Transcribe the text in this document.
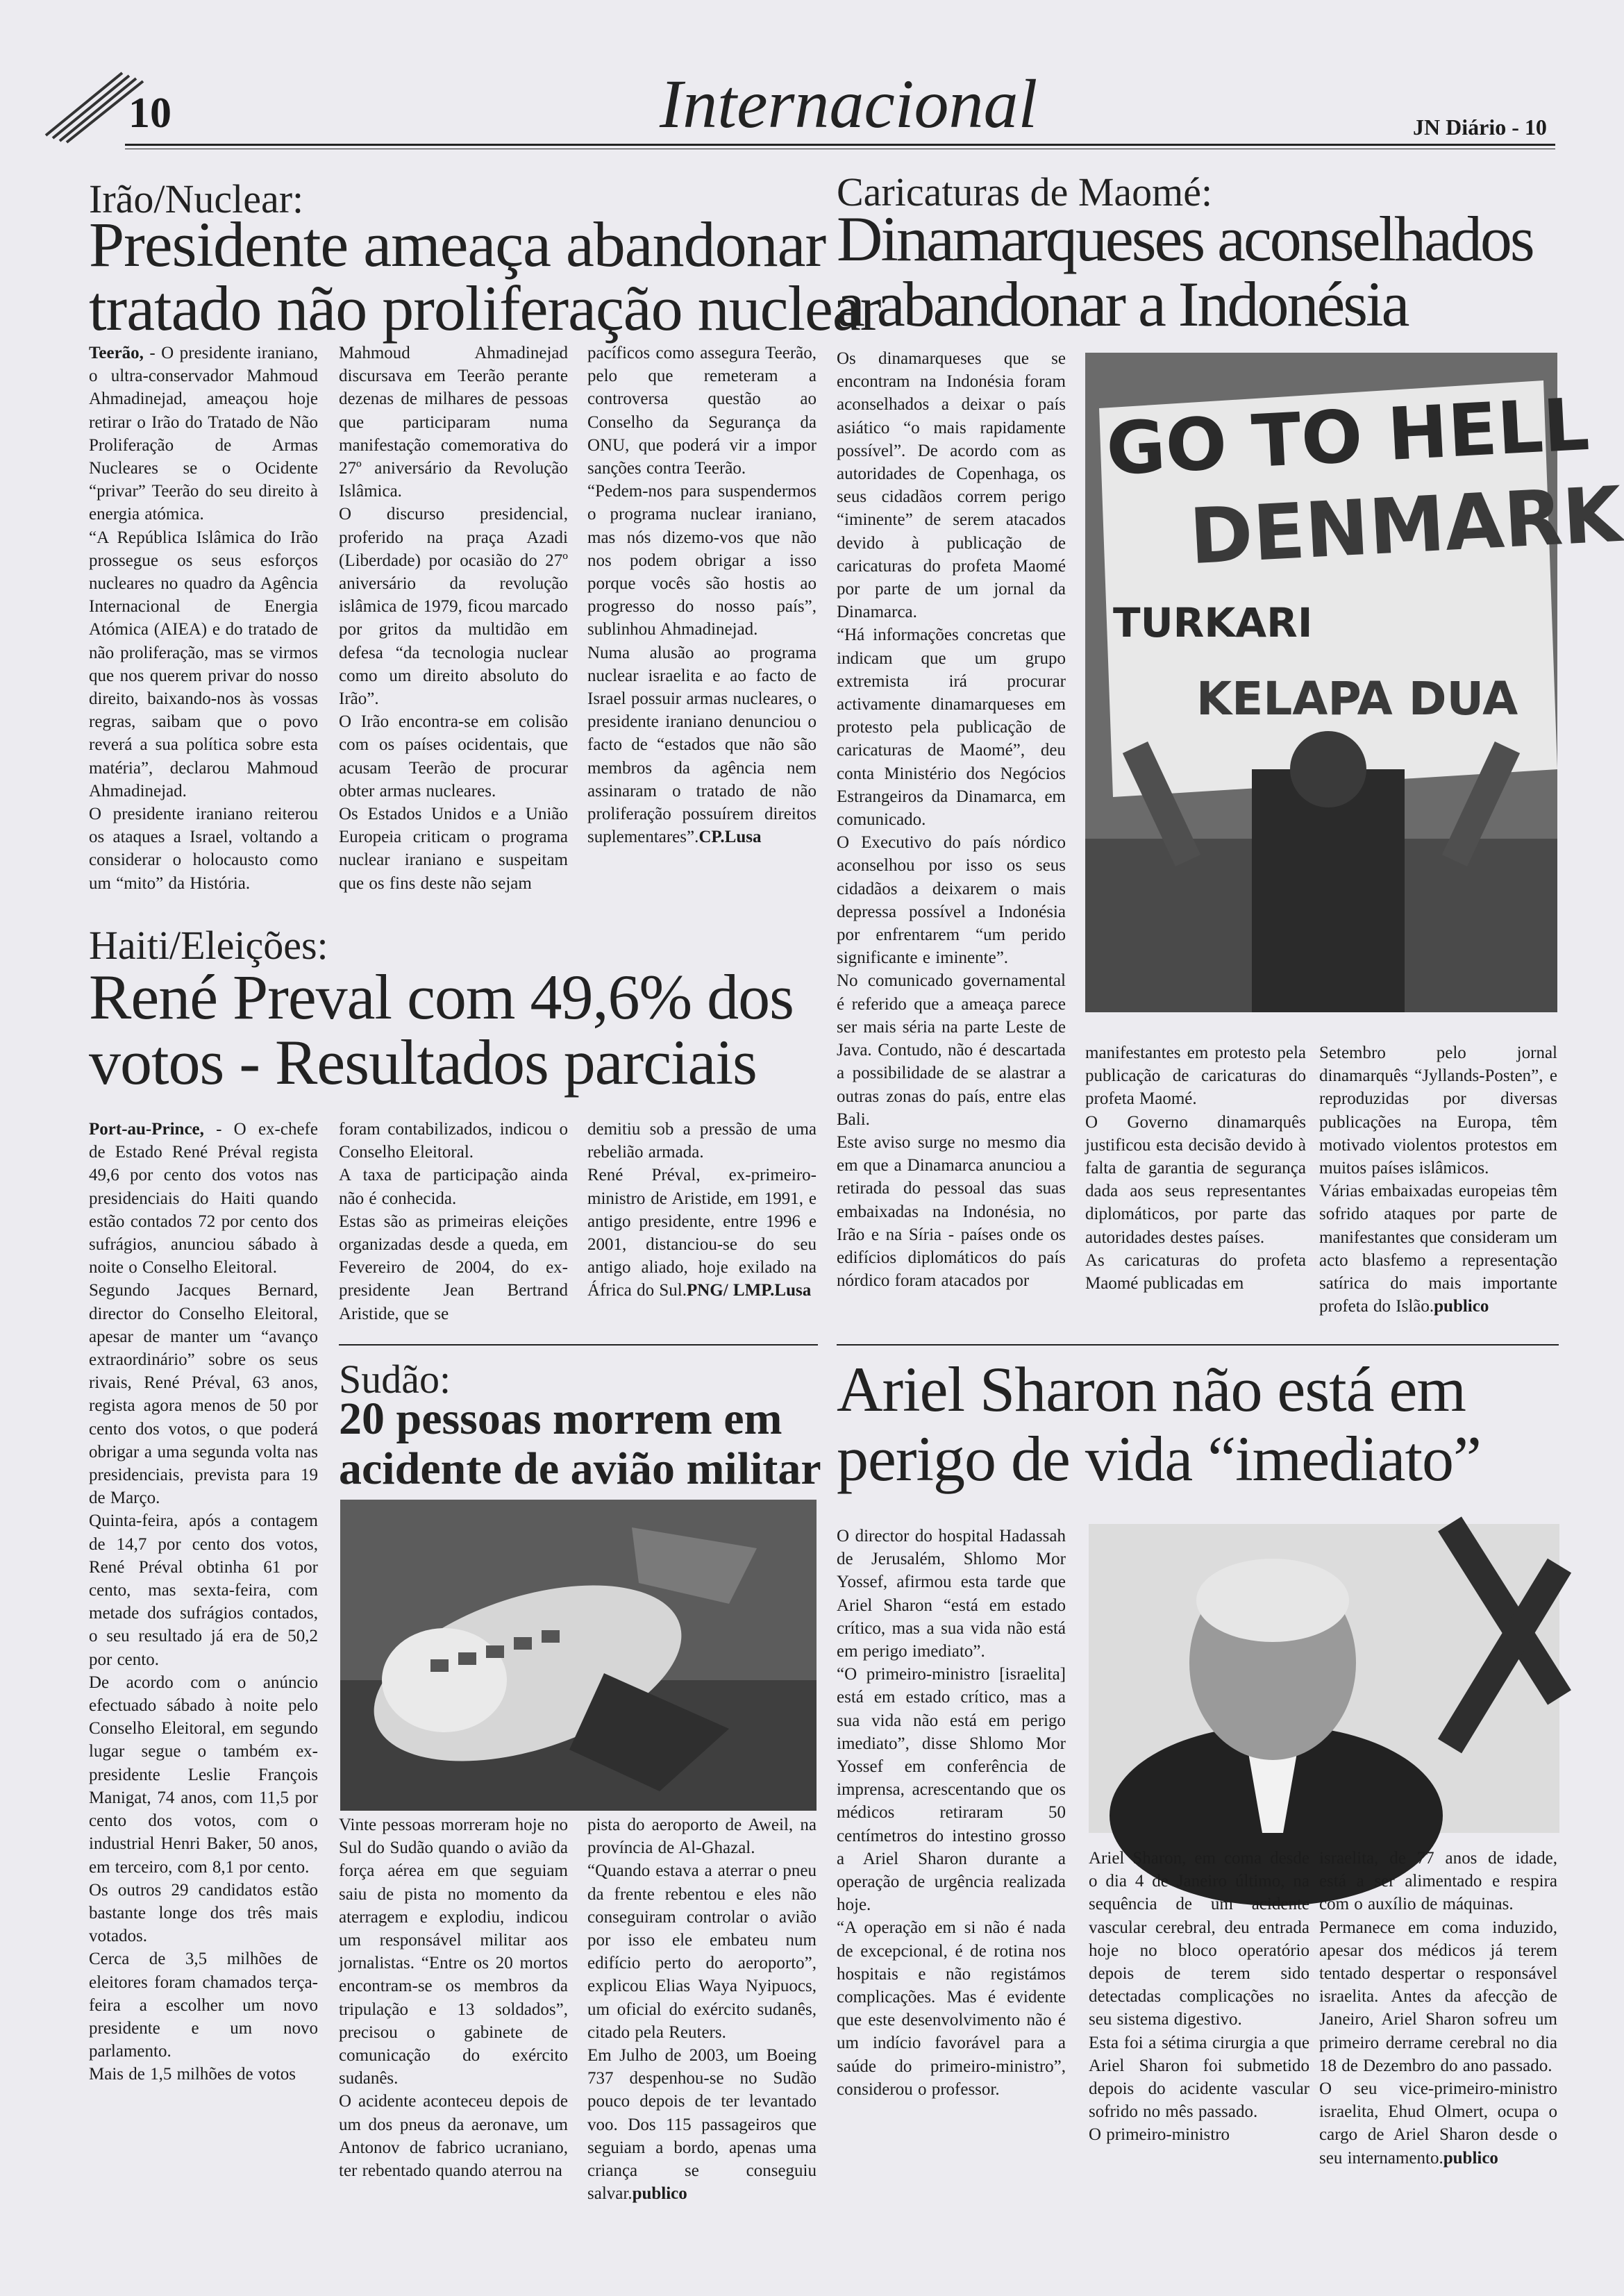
10	Internacional	JN Diário - 10
Irão/Nuclear:
Presidente ameaça abandonar
tratado não proliferação nuclear

Teerão, - O presidente iraniano, o ultra-conservador Mahmoud Ahmadinejad, ameaçou hoje retirar o Irão do Tratado de Não Proliferação de Armas Nucleares se o Ocidente “privar” Teerão do seu direito à energia atómica.

“A República Islâmica do Irão prossegue os seus esforços nucleares no quadro da Agência Internacional de Energia Atómica (AIEA) e do tratado de não proliferação, mas se virmos que nos querem privar do nosso direito, baixando-nos às vossas regras, saibam que o povo reverá a sua política sobre esta matéria”, declarou Mahmoud Ahmadinejad.

O presidente iraniano reiterou os ataques a Israel, voltando a considerar o holocausto como um “mito” da História.

Mahmoud Ahmadinejad discursava em Teerão perante dezenas de milhares de pessoas que participaram numa manifestação comemorativa do 27º aniversário da Revolução Islâmica.

O discurso presidencial, proferido na praça Azadi (Liberdade) por ocasião do 27º aniversário da revolução islâmica de 1979, ficou marcado por gritos da multidão em defesa “da tecnologia nuclear como um direito absoluto do Irão”.

O Irão encontra-se em colisão com os países ocidentais, que acusam Teerão de procurar obter armas nucleares.

Os Estados Unidos e a União Europeia criticam o programa nuclear iraniano e suspeitam que os fins deste não sejam

pacíficos como assegura Teerão, pelo que remeteram a controversa questão ao Conselho da Segurança da ONU, que poderá vir a impor sanções contra Teerão.

“Pedem-nos para suspendermos o programa nuclear iraniano, mas nós dizemo-vos que não nos podem obrigar a isso porque vocês são hostis ao progresso do nosso país”, sublinhou Ahmadinejad.

Numa alusão ao programa nuclear israelita e ao facto de Israel possuir armas nucleares, o presidente iraniano denunciou o facto de “estados que não são membros da agência nem assinaram o tratado de não proliferação possuírem direitos suplementares”.CP.Lusa

Caricaturas de Maomé:
Dinamarqueses aconselhados
a abandonar a Indonésia
GO TO HELL
DENMARK
TURKARI
KELAPA DUA

Os dinamarqueses que se encontram na Indonésia foram aconselhados a deixar o país asiático “o mais rapidamente possível”. De acordo com as autoridades de Copenhaga, os seus cidadãos correm perigo “iminente” de serem atacados devido à publicação de caricaturas do profeta Maomé por parte de um jornal da Dinamarca.

“Há informações concretas que indicam que um grupo extremista irá procurar activamente dinamarqueses em protesto pela publicação de caricaturas de Maomé”, deu conta Ministério dos Negócios Estrangeiros da Dinamarca, em comunicado.

O Executivo do país nórdico aconselhou por isso os seus cidadãos a deixarem o mais depressa possível a Indonésia por enfrentarem “um perido significante e iminente”.

No comunicado governamental é referido que a ameaça parece ser mais séria na parte Leste de Java. Contudo, não é descartada a possibilidade de se alastrar a outras zonas do país, entre elas Bali.

Este aviso surge no mesmo dia em que a Dinamarca anunciou a retirada do pessoal das suas embaixadas na Indonésia, no Irão e na Síria - países onde os edifícios diplomáticos do país nórdico foram atacados por

manifestantes em protesto pela publicação de caricaturas do profeta Maomé.

O Governo dinamarquês justificou esta decisão devido à falta de garantia de segurança dada aos seus representantes diplomáticos, por parte das autoridades destes países.

As caricaturas do profeta Maomé publicadas em

Setembro pelo jornal dinamarquês “Jyllands-Posten”, e reproduzidas por diversas publicações na Europa, têm motivado violentos protestos em muitos países islâmicos.

Várias embaixadas europeias têm sofrido ataques por parte de manifestantes que consideram um acto blasfemo a representação satírica do mais importante profeta do Islão.publico

Haiti/Eleições:
René Preval com 49,6% dos
votos - Resultados parciais

Port-au-Prince, - O ex-chefe de Estado René Préval regista 49,6 por cento dos votos nas presidenciais do Haiti quando estão contados 72 por cento dos sufrágios, anunciou sábado à noite o Conselho Eleitoral.

Segundo Jacques Bernard, director do Conselho Eleitoral, apesar de manter um “avanço extraordinário” sobre os seus rivais, René Préval, 63 anos, regista agora menos de 50 por cento dos votos, o que poderá obrigar a uma segunda volta nas presidenciais, prevista para 19 de Março.

Quinta-feira, após a contagem de 14,7 por cento dos votos, René Préval obtinha 61 por cento, mas sexta-feira, com metade dos sufrágios contados, o seu resultado já era de 50,2 por cento.

De acordo com o anúncio efectuado sábado à noite pelo Conselho Eleitoral, em segundo lugar segue o também ex-presidente Leslie François Manigat, 74 anos, com 11,5 por cento dos votos, com o industrial Henri Baker, 50 anos, em terceiro, com 8,1 por cento.

Os outros 29 candidatos estão bastante longe dos três mais votados.

Cerca de 3,5 milhões de eleitores foram chamados terça-feira a escolher um novo presidente e um novo parlamento.

Mais de 1,5 milhões de votos

foram contabilizados, indicou o Conselho Eleitoral.

A taxa de participação ainda não é conhecida.

Estas são as primeiras eleições organizadas desde a queda, em Fevereiro de 2004, do ex-presidente Jean Bertrand Aristide, que se

demitiu sob a pressão de uma rebelião armada.

René Préval, ex-primeiro-ministro de Aristide, em 1991, e antigo presidente, entre 1996 e 2001, distanciou-se do seu antigo aliado, hoje exilado na África do Sul.PNG/ LMP.Lusa

Sudão:
20 pessoas morrem em
acidente de avião militar

Vinte pessoas morreram hoje no Sul do Sudão quando o avião da força aérea em que seguiam saiu de pista no momento da aterragem e explodiu, indicou um responsável militar aos jornalistas. “Entre os 20 mortos encontram-se os membros da tripulação e 13 soldados”, precisou o gabinete de comunicação do exército sudanês.

O acidente aconteceu depois de um dos pneus da aeronave, um Antonov de fabrico ucraniano, ter rebentado quando aterrou na

pista do aeroporto de Aweil, na província de Al-Ghazal.

“Quando estava a aterrar o pneu da frente rebentou e eles não conseguiram controlar o avião por isso ele embateu num edifício perto do aeroporto”, explicou Elias Waya Nyipuocs, um oficial do exército sudanês, citado pela Reuters.

Em Julho de 2003, um Boeing 737 despenhou-se no Sudão pouco depois de ter levantado voo. Dos 115 passageiros que seguiam a bordo, apenas uma criança se conseguiu salvar.publico

Ariel Sharon não está em
perigo de vida “imediato”

O director do hospital Hadassah de Jerusalém, Shlomo Mor Yossef, afirmou esta tarde que Ariel Sharon “está em estado crítico, mas a sua vida não está em perigo imediato”.

“O primeiro-ministro [israelita] está em estado crítico, mas a sua vida não está em perigo imediato”, disse Shlomo Mor Yossef em conferência de imprensa, acrescentando que os médicos retiraram 50 centímetros do intestino grosso a Ariel Sharon durante a operação de urgência realizada hoje.

“A operação em si não é nada de excepcional, é de rotina nos hospitais e não registámos complicações. Mas é evidente que este desenvolvimento não é um indício favorável para a saúde do primeiro-ministro”, considerou o professor.

Ariel Sharon, em coma desde o dia 4 de Janeiro último, na sequência de um acidente vascular cerebral, deu entrada hoje no bloco operatório depois de terem sido detectadas complicações no seu sistema digestivo.

Esta foi a sétima cirurgia a que Ariel Sharon foi submetido depois do acidente vascular sofrido no mês passado.

O primeiro-ministro

israelita, de 77 anos de idade, está a ser alimentado e respira com o auxílio de máquinas.

Permanece em coma induzido, apesar dos médicos já terem tentado despertar o responsável israelita. Antes da afecção de Janeiro, Ariel Sharon sofreu um primeiro derrame cerebral no dia 18 de Dezembro do ano passado.

O seu vice-primeiro-ministro israelita, Ehud Olmert, ocupa o cargo de Ariel Sharon desde o seu internamento.publico
